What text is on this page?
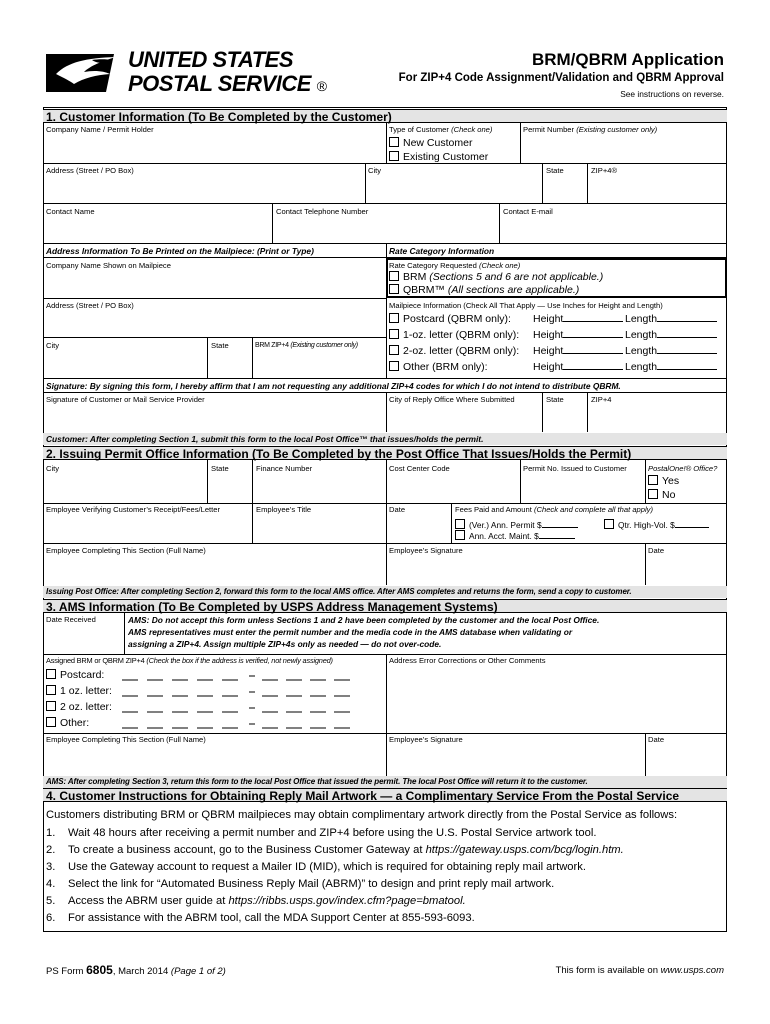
UNITED STATES
POSTAL SERVICE ®
BRM/QBRM Application
For ZIP+4 Code Assignment/Validation and QBRM Approval
See instructions on reverse.
1. Customer Information (To Be Completed by the Customer)
Company Name / Permit Holder	Type of Customer (Check one)
New Customer
Existing Customer
Permit Number (Existing customer only)
Address (Street / PO Box)	City	State	ZIP+4®
Contact Name	Contact Telephone Number	Contact E-mail
Address Information To Be Printed on the Mailpiece: (Print or Type)	Rate Category Information
Company Name Shown on Mailpiece	Rate Category Requested (Check one)
BRM (Sections 5 and 6 are not applicable.)
QBRM™ (All sections are applicable.)
Address (Street / PO Box)	Mailpiece Information (Check All That Apply — Use Inches for Height and Length)
Postcard (QBRM only): Height	Length
1-oz. letter (QBRM only): Height	Length
2-oz. letter (QBRM only): Height	Length
Other (BRM only):	Height	Length
City	State	BRM ZIP+4 (Existing customer only)
Signature: By signing this form, I hereby affirm that I am not requesting any additional ZIP+4 codes for which I do not intend to distribute QBRM.
Signature of Customer or Mail Service Provider	City of Reply Office Where Submitted	State	ZIP+4
Customer: After completing Section 1, submit this form to the local Post Office™ that issues/holds the permit.
2. Issuing Permit Office Information (To Be Completed by the Post Office That Issues/Holds the Permit)
City	State	Finance Number	Cost Center Code	Permit No. Issued to Customer	PostalOne!® Office?
Yes
No
Employee Verifying Customer’s Receipt/Fees/Letter	Employee’s Title	Date	Fees Paid and Amount (Check and complete all that apply)
(Ver.) Ann. Permit $	Qtr. High-Vol. $
Ann. Acct. Maint. $
Employee Completing This Section (Full Name)	Employee’s Signature	Date
Issuing Post Office: After completing Section 2, forward this form to the local AMS office. After AMS completes and returns the form, send a copy to customer.
3. AMS Information (To Be Completed by USPS Address Management Systems)
Date Received	AMS: Do not accept this form unless Sections 1 and 2 have been completed by the customer and the local Post Office.
AMS representatives must enter the permit number and the media code in the AMS database when validating or
assigning a ZIP+4. Assign multiple ZIP+4s only as needed — do not over-code.
Assigned BRM or QBRM ZIP+4 (Check the box if the address is verified, not newly assigned)	Address Error Corrections or Other Comments
Postcard:
1 oz. letter:
2 oz. letter:
Other:
Employee Completing This Section (Full Name)	Employee’s Signature	Date
AMS: After completing Section 3, return this form to the local Post Office that issued the permit. The local Post Office will return it to the customer.
4. Customer Instructions for Obtaining Reply Mail Artwork — a Complimentary Service From the Postal Service
Customers distributing BRM or QBRM mailpieces may obtain complimentary artwork directly from the Postal Service as follows:
1. Wait 48 hours after receiving a permit number and ZIP+4 before using the U.S. Postal Service artwork tool.
2. To create a business account, go to the Business Customer Gateway at https://gateway.usps.com/bcg/login.htm.
3. Use the Gateway account to request a Mailer ID (MID), which is required for obtaining reply mail artwork.
4. Select the link for “Automated Business Reply Mail (ABRM)” to design and print reply mail artwork.
5. Access the ABRM user guide at https://ribbs.usps.gov/index.cfm?page=bmatool.
6. For assistance with the ABRM tool, call the MDA Support Center at 855-593-6093.
PS Form 6805, March 2014 (Page 1 of 2)	This form is available on www.usps.com
